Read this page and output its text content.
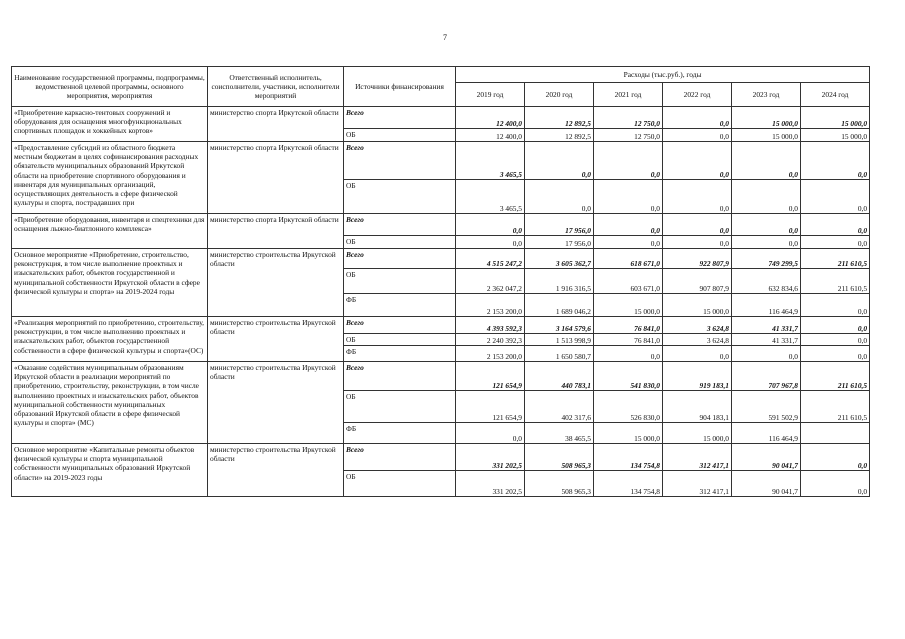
7
Наименование государственной программы, подпрограммы, ведомственной целевой программы, основного мероприятия, мероприятия	Ответственный исполнитель, соисполнители, участники, исполнители мероприятий	Источники финансирования	Расходы (тыс.руб.), годы					
			2019 год	2020 год	2021 год	2022 год	2023 год	2024 год

«Приобретение каркасно-тентовых сооружений и оборудования для оснащения многофункциональных спортивных площадок и хоккейных кортов»	министерство спорта Иркутской области	Всего	12 400,0	12 892,5	12 750,0	0,0	15 000,0	15 000,0
		ОБ	12 400,0	12 892,5	12 750,0	0,0	15 000,0	15 000,0

«Предоставление субсидий из областного бюджета местным бюджетам в целях софинансирования расходных обязательств муниципальных образований Иркутской области на приобретение спортивного оборудования и инвентаря для муниципальных организаций, осуществляющих деятельность в сфере физической культуры и спорта, пострадавших при	министерство спорта Иркутской области	Всего	3 465,5	0,0	0,0	0,0	0,0	0,0
		ОБ	3 465,5	0,0	0,0	0,0	0,0	0,0

«Приобретение оборудования, инвентаря и спецтехники для оснащения лыжно-биатлонного комплекса»	министерство спорта Иркутской области	Всего	0,0	17 956,0	0,0	0,0	0,0	0,0
		ОБ	0,0	17 956,0	0,0	0,0	0,0	0,0

Основное мероприятие «Приобретение, строительство, реконструкция, в том числе выполнение проектных и изыскательских работ, объектов государственной и муниципальной собственности Иркутской области в сфере физической культуры и спорта» на 2019-2024 годы	министерство строительства Иркутской области	Всего	4 515 247,2	3 605 362,7	618 671,0	922 807,9	749 299,5	211 610,5
		ОБ	2 362 047,2	1 916 316,5	603 671,0	907 807,9	632 834,6	211 610,5
		ФБ	2 153 200,0	1 689 046,2	15 000,0	15 000,0	116 464,9	0,0

«Реализация мероприятий по приобретению, строительству, реконструкции, в том числе выполнению проектных и изыскательских работ, объектов государственной собственности в сфере физической культуры и спорта»(ОС)	министерство строительства Иркутской области	Всего	4 393 592,3	3 164 579,6	76 841,0	3 624,8	41 331,7	0,0
		ОБ	2 240 392,3	1 513 998,9	76 841,0	3 624,8	41 331,7	0,0
		ФБ	2 153 200,0	1 650 580,7	0,0	0,0	0,0	0,0

«Оказание содействия муниципальным образованиям Иркутской области в реализации мероприятий по приобретению, строительству, реконструкции, в том числе выполнению проектных и изыскательских работ, объектов муниципальной собственности муниципальных образований Иркутской области в сфере физической культуры и спорта» (МС)	министерство строительства Иркутской области	Всего	121 654,9	440 783,1	541 830,0	919 183,1	707 967,8	211 610,5
		ОБ	121 654,9	402 317,6	526 830,0	904 183,1	591 502,9	211 610,5
		ФБ	0,0	38 465,5	15 000,0	15 000,0	116 464,9	

Основное мероприятие «Капитальные ремонты объектов физической культуры и спорта муниципальной собственности муниципальных образований Иркутской области» на 2019-2023 годы	министерство строительства Иркутской области	Всего	331 202,5	508 965,3	134 754,8	312 417,1	90 041,7	0,0
		ОБ	331 202,5	508 965,3	134 754,8	312 417,1	90 041,7	0,0
